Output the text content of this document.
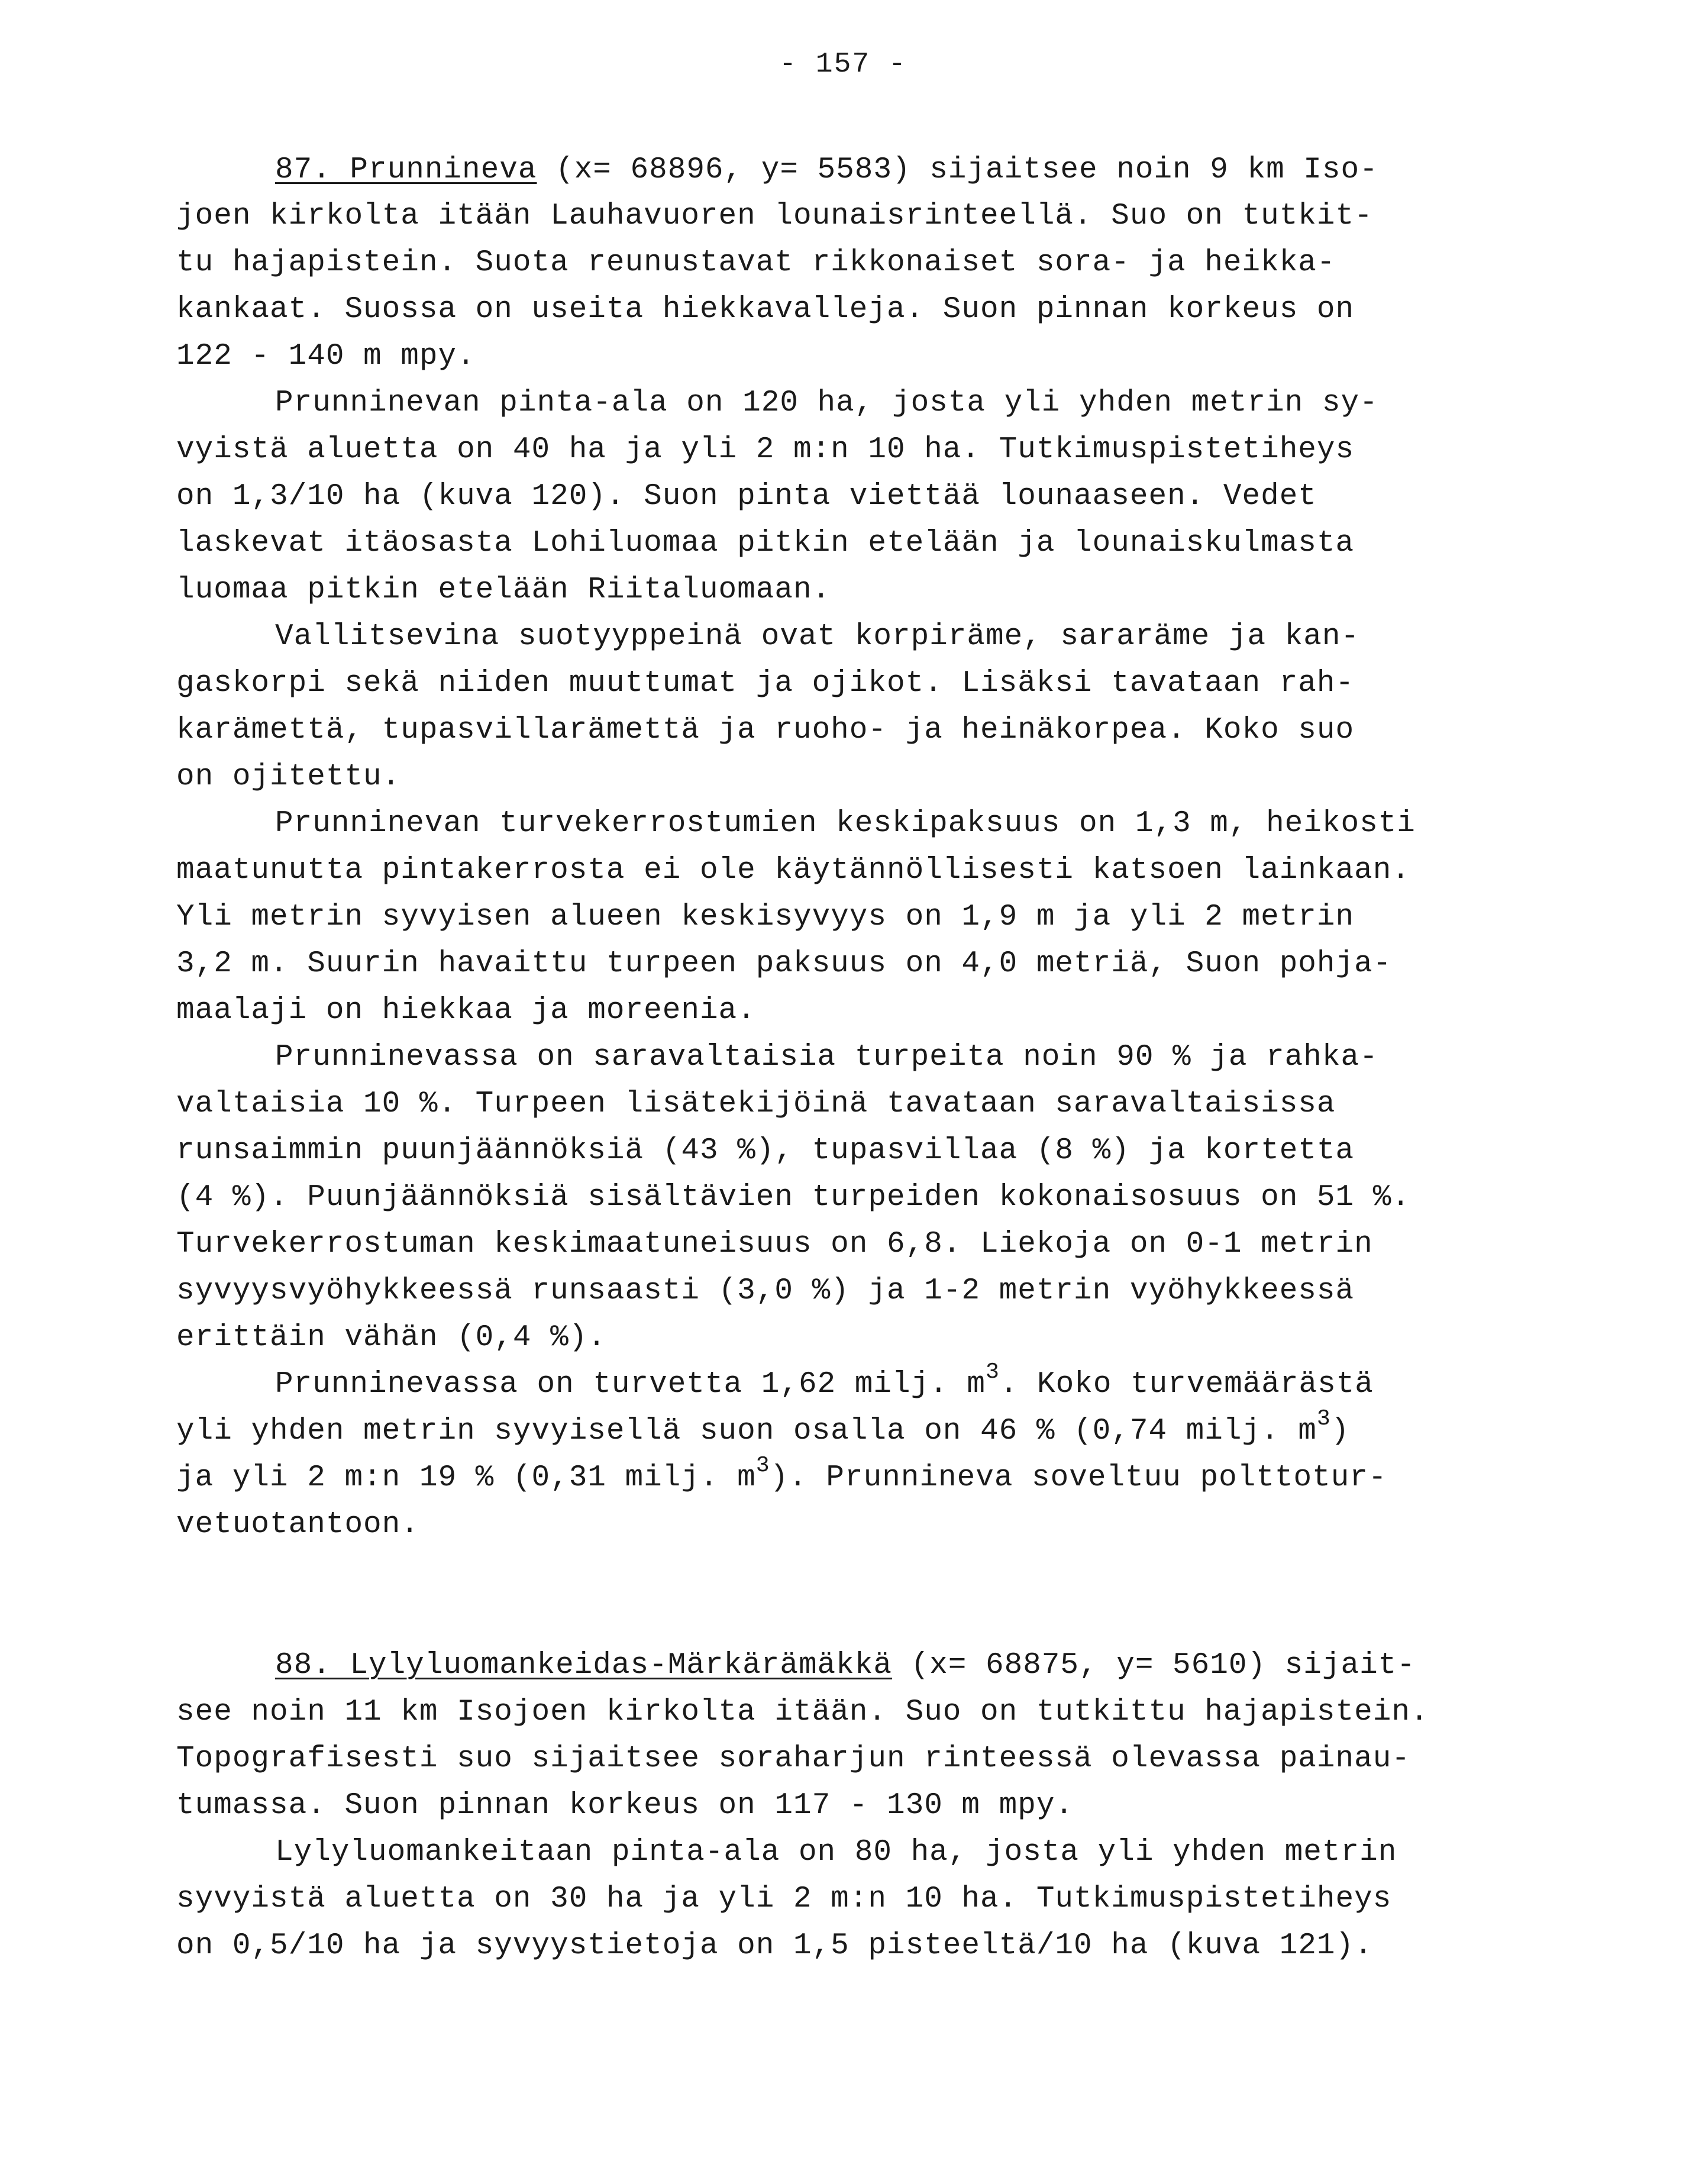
- 157 -
87. Prunnineva (x= 68896, y= 5583) sijaitsee noin 9 km Iso-
joen kirkolta itään Lauhavuoren lounaisrinteellä. Suo on tutkit-
tu hajapistein. Suota reunustavat rikkonaiset sora- ja heikka-
kankaat. Suossa on useita hiekkavalleja. Suon pinnan korkeus on
122 - 140 m mpy.
Prunninevan pinta-ala on 120 ha, josta yli yhden metrin sy-
vyistä aluetta on 40 ha ja yli 2 m:n 10 ha. Tutkimuspistetiheys
on 1,3/10 ha (kuva 120). Suon pinta viettää lounaaseen. Vedet
laskevat itäosasta Lohiluomaa pitkin etelään ja lounaiskulmasta
luomaa pitkin etelään Riitaluomaan.
Vallitsevina suotyyppeinä ovat korpiräme, sararäme ja kan-
gaskorpi sekä niiden muuttumat ja ojikot. Lisäksi tavataan rah-
karämettä, tupasvillarämettä ja ruoho- ja heinäkorpea. Koko suo
on ojitettu.
Prunninevan turvekerrostumien keskipaksuus on 1,3 m, heikosti
maatunutta pintakerrosta ei ole käytännöllisesti katsoen lainkaan.
Yli metrin syvyisen alueen keskisyvyys on 1,9 m ja yli 2 metrin
3,2 m. Suurin havaittu turpeen paksuus on 4,0 metriä, Suon pohja-
maalaji on hiekkaa ja moreenia.
Prunninevassa on saravaltaisia turpeita noin 90 % ja rahka-
valtaisia 10 %. Turpeen lisätekijöinä tavataan saravaltaisissa
runsaimmin puunjäännöksiä (43 %), tupasvillaa (8 %) ja kortetta
(4 %). Puunjäännöksiä sisältävien turpeiden kokonaisosuus on 51 %.
Turvekerrostuman keskimaatuneisuus on 6,8. Liekoja on 0-1 metrin
syvyysvyöhykkeessä runsaasti (3,0 %) ja 1-2 metrin vyöhykkeessä
erittäin vähän (0,4 %).
Prunninevassa on turvetta 1,62 milj. $m^3$. Koko turvemäärästä
yli yhden metrin syvyisellä suon osalla on 46 % (0,74 milj. $m^3$)
ja yli 2 m:n 19 % (0,31 milj. $m^3$). Prunnineva soveltuu polttotur-
vetuotantoon.
88. Lylyluomankeidas-Märkärämäkkä (x= 68875, y= 5610) sijait-
see noin 11 km Isojoen kirkolta itään. Suo on tutkittu hajapistein.
Topografisesti suo sijaitsee soraharjun rinteessä olevassa painau-
tumassa. Suon pinnan korkeus on 117 - 130 m mpy.
Lylyluomankeitaan pinta-ala on 80 ha, josta yli yhden metrin
syvyistä aluetta on 30 ha ja yli 2 m:n 10 ha. Tutkimuspistetiheys
on 0,5/10 ha ja syvyystietoja on 1,5 pisteeltä/10 ha (kuva 121).
